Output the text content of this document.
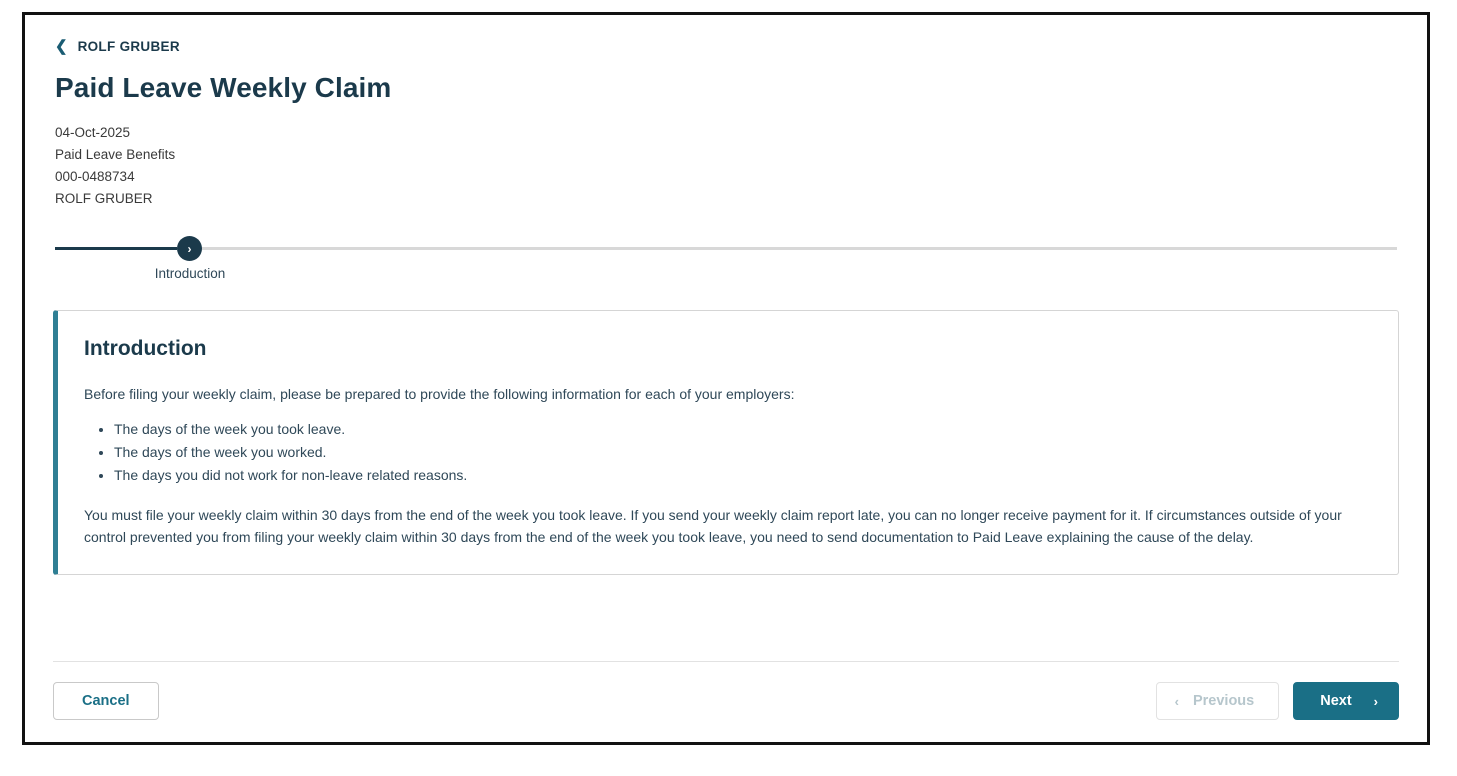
❮ ROLF GRUBER
Paid Leave Weekly Claim
04-Oct-2025
Paid Leave Benefits
000-0488734
ROLF GRUBER
›
Introduction
Introduction

Before filing your weekly claim, please be prepared to provide the following information for each of your employers:

• The days of the week you took leave.
• The days of the week you worked.
• The days you did not work for non-leave related reasons.

You must file your weekly claim within 30 days from the end of the week you took leave. If you send your weekly claim report late, you can no longer receive payment for it. If circumstances outside of your control prevented you from filing your weekly claim within 30 days from the end of the week you took leave, you need to send documentation to Paid Leave explaining the cause of the delay.

Cancel	‹ Previous	Next ›
